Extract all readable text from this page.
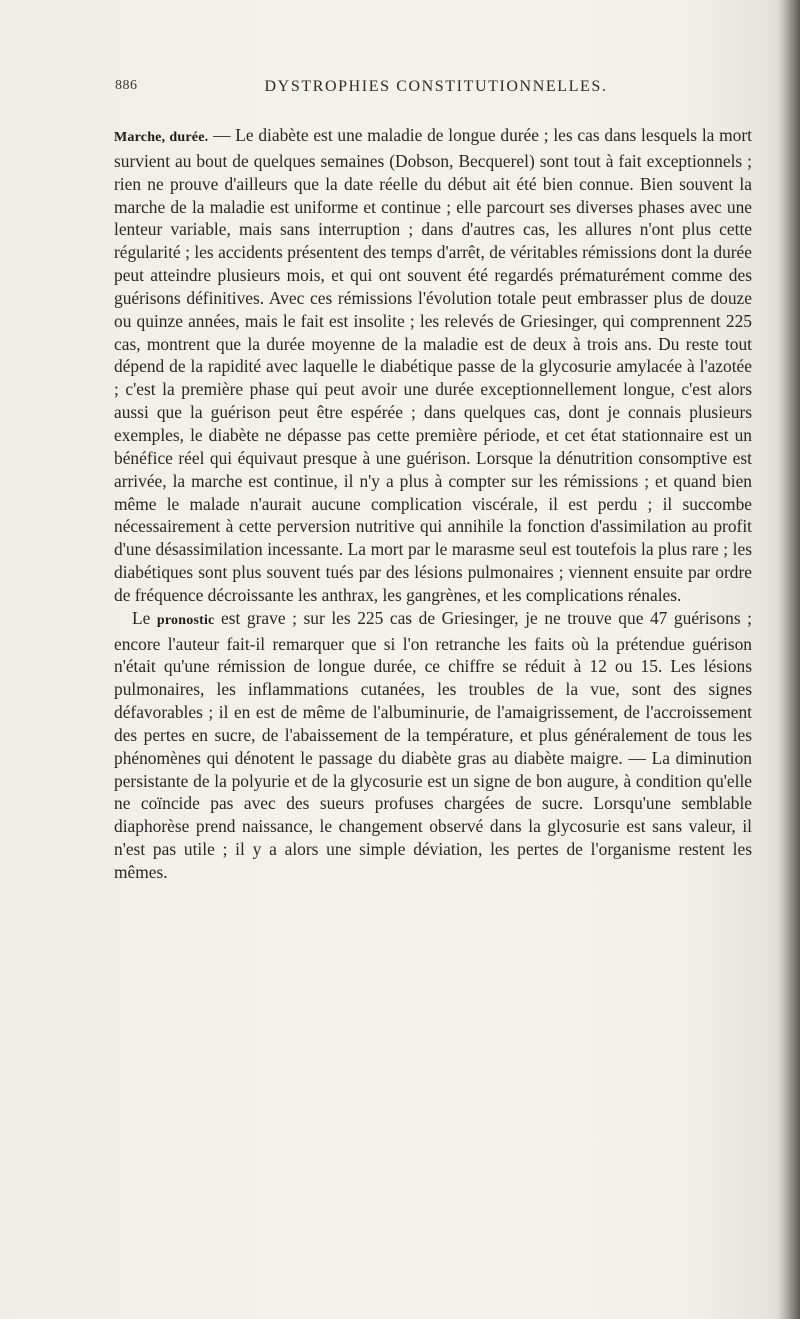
886	DYSTROPHIES CONSTITUTIONNELLES.

Marche, durée. — Le diabète est une maladie de longue durée ; les cas dans lesquels la mort survient au bout de quelques semaines (Dobson, Becquerel) sont tout à fait exceptionnels ; rien ne prouve d'ailleurs que la date réelle du début ait été bien connue. Bien souvent la marche de la maladie est uniforme et continue ; elle parcourt ses diverses phases avec une lenteur variable, mais sans interruption ; dans d'autres cas, les allures n'ont plus cette régularité ; les accidents présentent des temps d'arrêt, de véritables rémissions dont la durée peut atteindre plusieurs mois, et qui ont souvent été regardés prématurément comme des guérisons définitives. Avec ces rémissions l'évolution totale peut embrasser plus de douze ou quinze années, mais le fait est insolite ; les relevés de Griesinger, qui comprennent 225 cas, montrent que la durée moyenne de la maladie est de deux à trois ans. Du reste tout dépend de la rapidité avec laquelle le diabétique passe de la glycosurie amylacée à l'azotée ; c'est la première phase qui peut avoir une durée exceptionnellement longue, c'est alors aussi que la guérison peut être espérée ; dans quelques cas, dont je connais plusieurs exemples, le diabète ne dépasse pas cette première période, et cet état stationnaire est un bénéfice réel qui équivaut presque à une guérison. Lorsque la dénutrition consomptive est arrivée, la marche est continue, il n'y a plus à compter sur les rémissions ; et quand bien même le malade n'aurait aucune complication viscérale, il est perdu ; il succombe nécessairement à cette perversion nutritive qui annihile la fonction d'assimilation au profit d'une désassimilation incessante. La mort par le marasme seul est toutefois la plus rare ; les diabétiques sont plus souvent tués par des lésions pulmonaires ; viennent ensuite par ordre de fréquence décroissante les anthrax, les gangrènes, et les complications rénales.

Le pronostic est grave ; sur les 225 cas de Griesinger, je ne trouve que 47 guérisons ; encore l'auteur fait-il remarquer que si l'on retranche les faits où la prétendue guérison n'était qu'une rémission de longue durée, ce chiffre se réduit à 12 ou 15. Les lésions pulmonaires, les inflammations cutanées, les troubles de la vue, sont des signes défavorables ; il en est de même de l'albuminurie, de l'amaigrissement, de l'accroissement des pertes en sucre, de l'abaissement de la température, et plus généralement de tous les phénomènes qui dénotent le passage du diabète gras au diabète maigre. — La diminution persistante de la polyurie et de la glycosurie est un signe de bon augure, à condition qu'elle ne coïncide pas avec des sueurs profuses chargées de sucre. Lorsqu'une semblable diaphorèse prend naissance, le changement observé dans la glycosurie est sans valeur, il n'est pas utile ; il y a alors une simple déviation, les pertes de l'organisme restent les mêmes.
